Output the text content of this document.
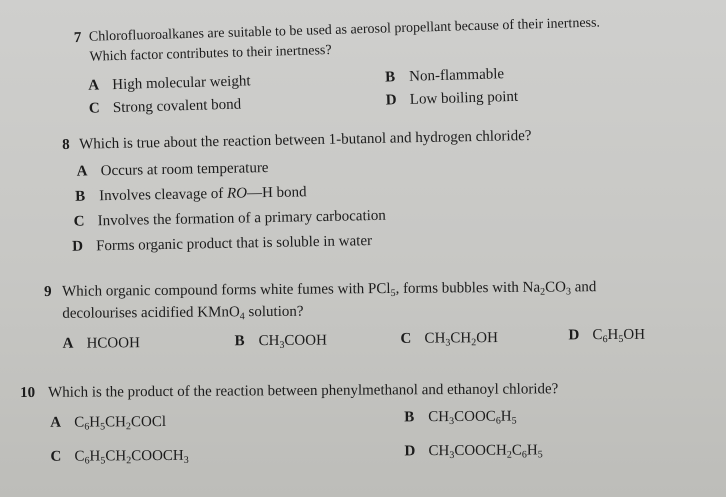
7 Chlorofluoroalkanes are suitable to be used as aerosol propellant because of their inertness.
Which factor contributes to their inertness?
A High molecular weight	B Non-flammable
C Strong covalent bond	D Low boiling point
8 Which is true about the reaction between 1-butanol and hydrogen chloride?
A Occurs at room temperature
B Involves cleavage of RO—H bond
C Involves the formation of a primary carbocation
D Forms organic product that is soluble in water
9 Which organic compound forms white fumes with PCl$_5$, forms bubbles with $Na_2CO_3$ and
decolourises acidified KMnO$_4$ solution?
A HCOOH	B $CH_3COOH$	C $CH_3CH_2OH$	D $C_6H_5OH$
10 Which is the product of the reaction between phenylmethanol and ethanoyl chloride?
A $C_6H_5CH_2COCl$	B $CH_3COOC_6H_5$
C $C_6H_5CH_2COOCH_3$
D $CH_3COOCH_2C_6H_5$
